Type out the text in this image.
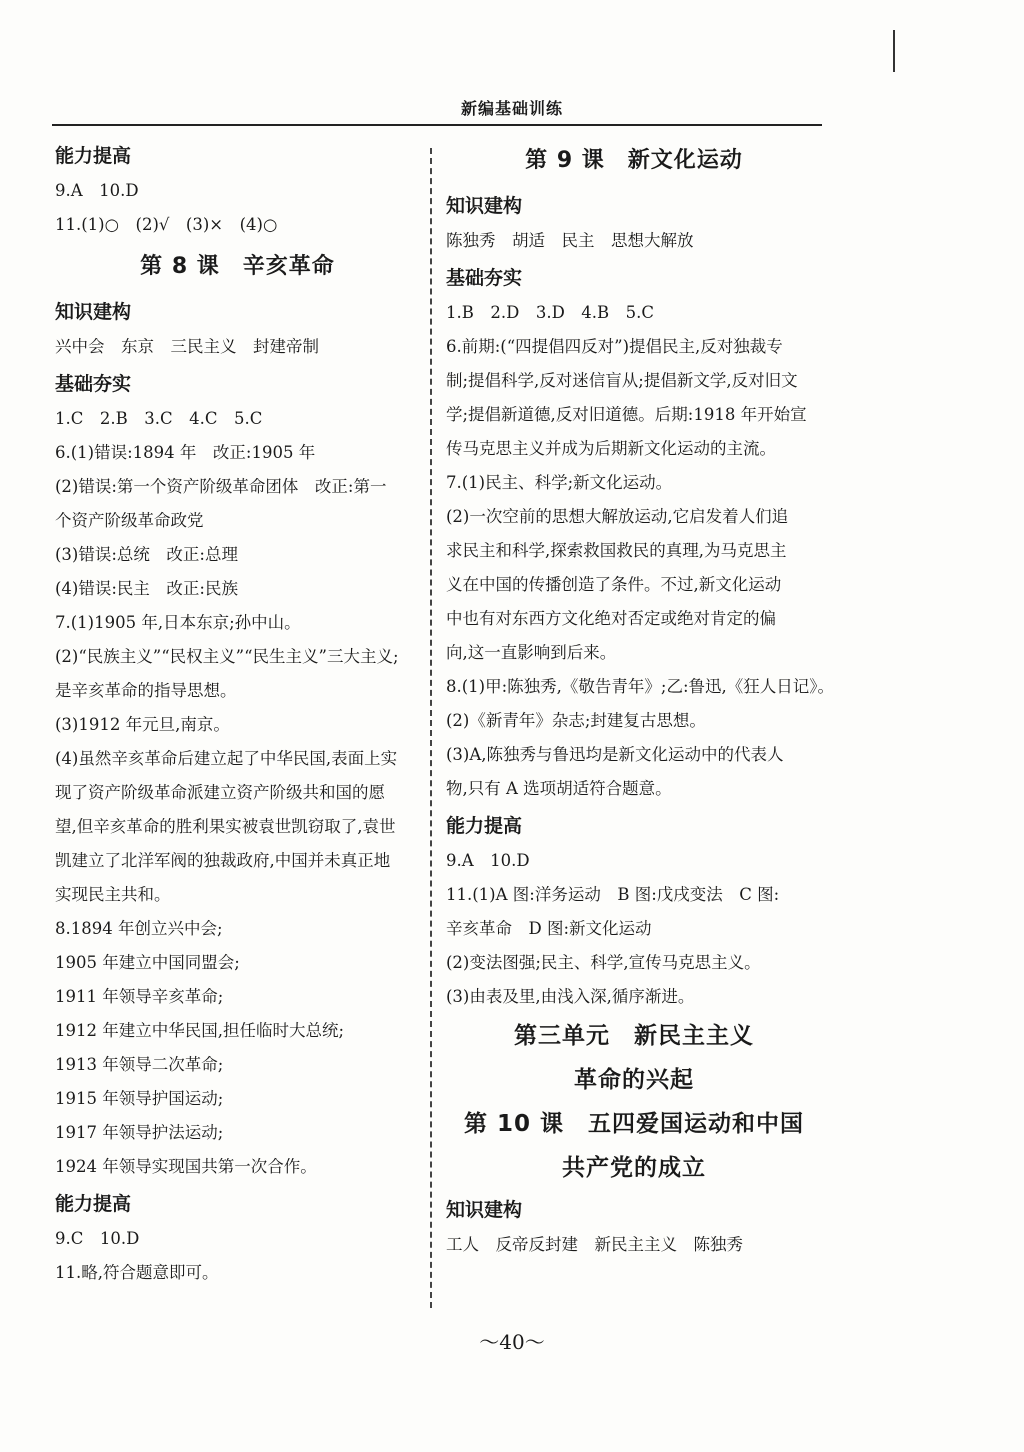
新编基础训练
能力提高
9.A　10.D
11.(1)○　(2)√　(3)×　(4)○
第 8 课　辛亥革命
知识建构
兴中会　东京　三民主义　封建帝制
基础夯实
1.C　2.B　3.C　4.C　5.C
6.(1)错误:1894 年　改正:1905 年
(2)错误:第一个资产阶级革命团体　改正:第一
个资产阶级革命政党
(3)错误:总统　改正:总理
(4)错误:民主　改正:民族
7.(1)1905 年,日本东京;孙中山。
(2)“民族主义”“民权主义”“民生主义”三大主义;
是辛亥革命的指导思想。
(3)1912 年元旦,南京。
(4)虽然辛亥革命后建立起了中华民国,表面上实
现了资产阶级革命派建立资产阶级共和国的愿
望,但辛亥革命的胜利果实被袁世凯窃取了,袁世
凯建立了北洋军阀的独裁政府,中国并未真正地
实现民主共和。
8.1894 年创立兴中会;
1905 年建立中国同盟会;
1911 年领导辛亥革命;
1912 年建立中华民国,担任临时大总统;
1913 年领导二次革命;
1915 年领导护国运动;
1917 年领导护法运动;
1924 年领导实现国共第一次合作。
能力提高
9.C　10.D
11.略,符合题意即可。
第 9 课　新文化运动
知识建构
陈独秀　胡适　民主　思想大解放
基础夯实
1.B　2.D　3.D　4.B　5.C
6.前期:(“四提倡四反对”)提倡民主,反对独裁专
制;提倡科学,反对迷信盲从;提倡新文学,反对旧文
学;提倡新道德,反对旧道德。后期:1918 年开始宣
传马克思主义并成为后期新文化运动的主流。
7.(1)民主、科学;新文化运动。
(2)一次空前的思想大解放运动,它启发着人们追
求民主和科学,探索救国救民的真理,为马克思主
义在中国的传播创造了条件。不过,新文化运动
中也有对东西方文化绝对否定或绝对肯定的偏
向,这一直影响到后来。
8.(1)甲:陈独秀,《敬告青年》;乙:鲁迅,《狂人日记》。
(2)《新青年》杂志;封建复古思想。
(3)A,陈独秀与鲁迅均是新文化运动中的代表人
物,只有 A 选项胡适符合题意。
能力提高
9.A　10.D
11.(1)A 图:洋务运动　B 图:戊戌变法　C 图:
辛亥革命　D 图:新文化运动
(2)变法图强;民主、科学,宣传马克思主义。
(3)由表及里,由浅入深,循序渐进。
第三单元　新民主主义
革命的兴起
第 10 课　五四爱国运动和中国
共产党的成立
知识建构
工人　反帝反封建　新民主主义　陈独秀
～40～
